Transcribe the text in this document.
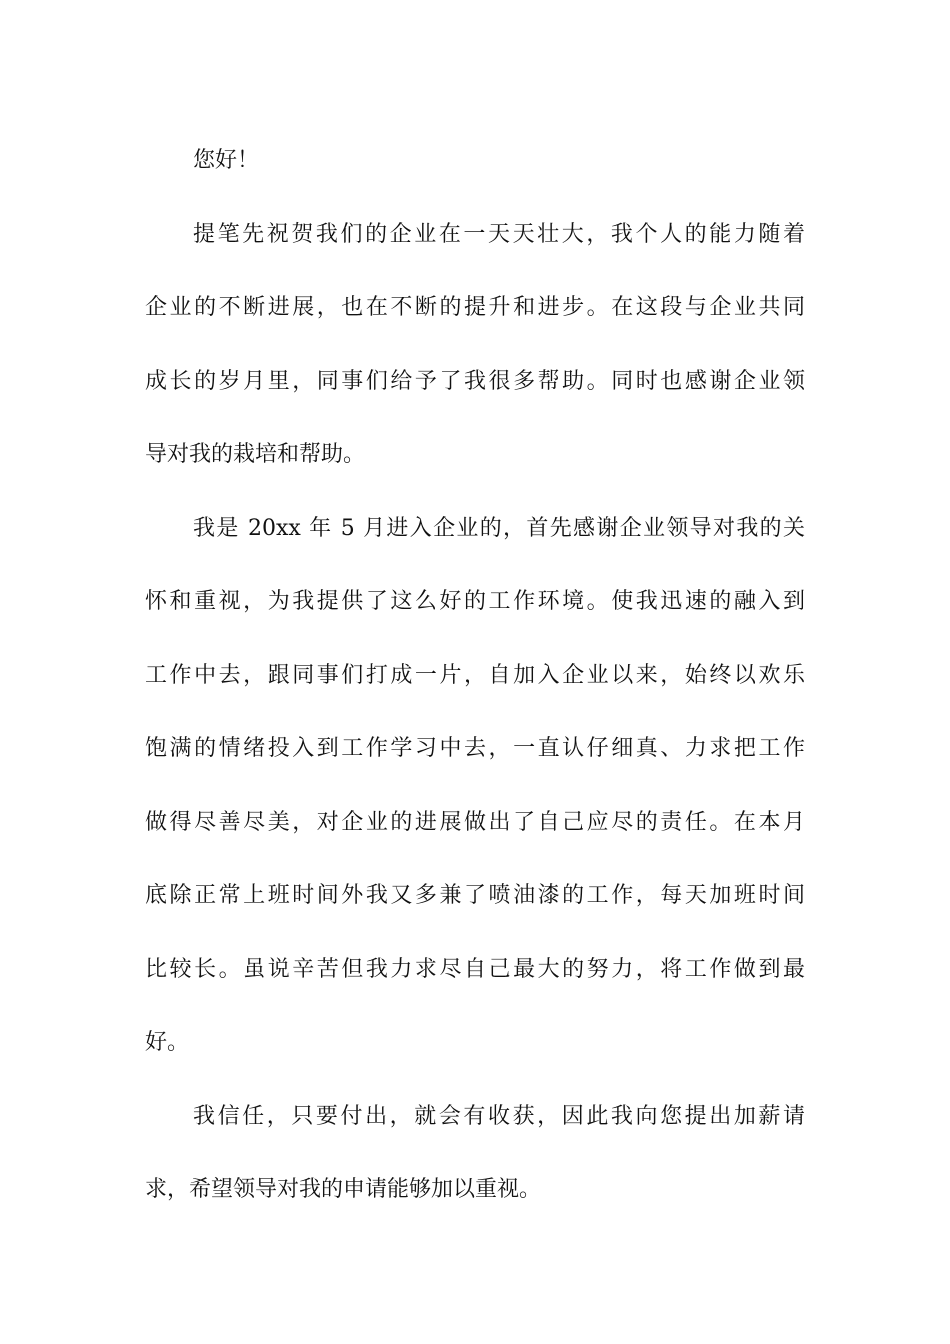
您好！
提笔先祝贺我们的企业在一天天壮大，我个人的能力随着
企业的不断进展，也在不断的提升和进步。在这段与企业共同
成长的岁月里，同事们给予了我很多帮助。同时也感谢企业领
导对我的栽培和帮助。
我是 20xx 年 5 月进入企业的，首先感谢企业领导对我的关
怀和重视，为我提供了这么好的工作环境。使我迅速的融入到
工作中去，跟同事们打成一片，自加入企业以来，始终以欢乐
饱满的情绪投入到工作学习中去，一直认仔细真、力求把工作
做得尽善尽美，对企业的进展做出了自己应尽的责任。在本月
底除正常上班时间外我又多兼了喷油漆的工作，每天加班时间
比较长。虽说辛苦但我力求尽自己最大的努力，将工作做到最
好。
我信任，只要付出，就会有收获，因此我向您提出加薪请
求，希望领导对我的申请能够加以重视。
